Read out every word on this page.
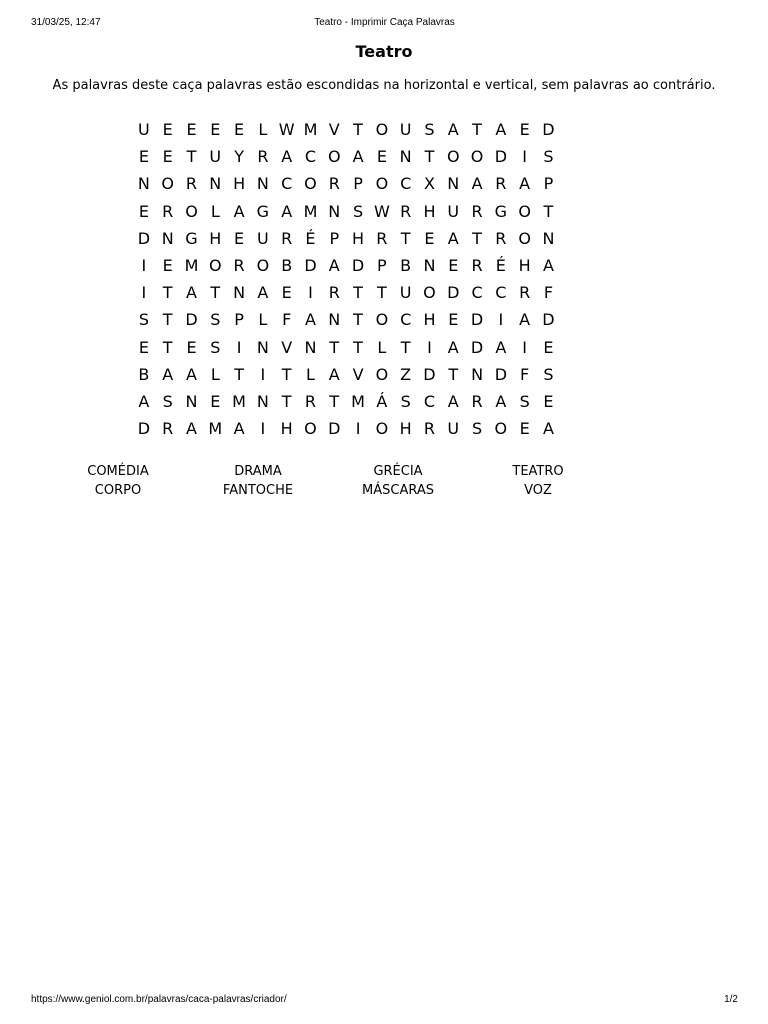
31/03/25, 12:47	Teatro - Imprimir Caça Palavras
Teatro
As palavras deste caça palavras estão escondidas na horizontal e vertical, sem palavras ao contrário.
U E E E E L W M V T O U S A T A E D
E E T U Y R A C O A E N T O O D I	S
N O R N H N C O R P O C X N A R A P
E R O L A G A M N S W R H U R G O T
D N G H E U R É P H R T E A T R O N
I	E M O R O B D A D P B N E R É H A
I	T A T N A E	I R T T U O D C C R F
S T D S P L F A N T O C H E D I A D
E T E S	I N V N T T L T	I A D A I	E
B A A L T	I	T L A V O Z D T N D F S
A S N E M N T R T M Á S C A R A S E
D R A M A I H O D I O H R U S O E A
COMÉDIA	DRAMA	GRÉCIA	TEATRO
CORPO	FANTOCHE	MÁSCARAS	VOZ
https://www.geniol.com.br/palavras/caca-palavras/criador/	1/2
